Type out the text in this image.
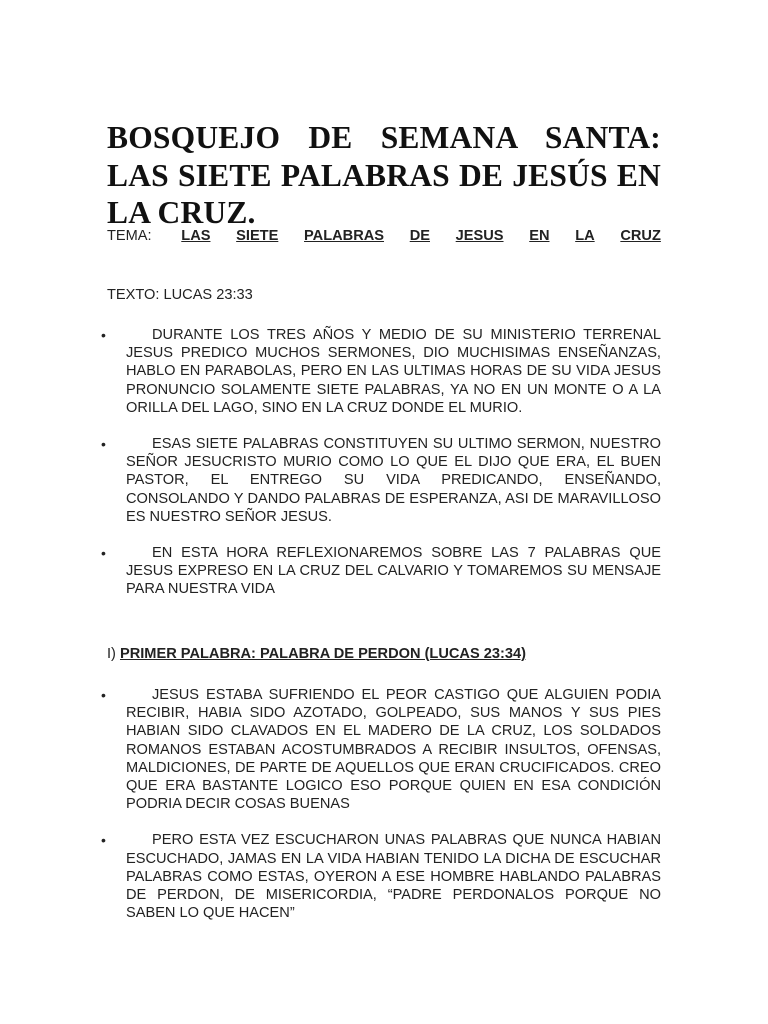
BOSQUEJO DE SEMANA SANTA: LAS SIETE PALABRAS DE JESÚS EN LA CRUZ.
TEMA: LAS SIETE PALABRAS DE JESUS EN LA CRUZ
TEXTO: LUCAS 23:33
•	DURANTE LOS TRES AÑOS Y MEDIO DE SU MINISTERIO TERRENAL JESUS PREDICO MUCHOS SERMONES, DIO MUCHISIMAS ENSEÑANZAS, HABLO EN PARABOLAS, PERO EN LAS ULTIMAS HORAS DE SU VIDA JESUS PRONUNCIO SOLAMENTE SIETE PALABRAS, YA NO EN UN MONTE O A LA ORILLA DEL LAGO, SINO EN LA CRUZ DONDE EL MURIO.
•	ESAS SIETE PALABRAS CONSTITUYEN SU ULTIMO SERMON, NUESTRO SEÑOR JESUCRISTO MURIO COMO LO QUE EL DIJO QUE ERA, EL BUEN PASTOR, EL ENTREGO SU VIDA PREDICANDO, ENSEÑANDO, CONSOLANDO Y DANDO PALABRAS DE ESPERANZA, ASI DE MARAVILLOSO ES NUESTRO SEÑOR JESUS.
•	EN ESTA HORA REFLEXIONAREMOS SOBRE LAS 7 PALABRAS QUE JESUS EXPRESO EN LA CRUZ DEL CALVARIO Y TOMAREMOS SU MENSAJE PARA NUESTRA VIDA
I) PRIMER PALABRA: PALABRA DE PERDON (LUCAS 23:34)
•	JESUS ESTABA SUFRIENDO EL PEOR CASTIGO QUE ALGUIEN PODIA RECIBIR, HABIA SIDO AZOTADO, GOLPEADO, SUS MANOS Y SUS PIES HABIAN SIDO CLAVADOS EN EL MADERO DE LA CRUZ, LOS SOLDADOS ROMANOS ESTABAN ACOSTUMBRADOS A RECIBIR INSULTOS, OFENSAS, MALDICIONES, DE PARTE DE AQUELLOS QUE ERAN CRUCIFICADOS. CREO QUE ERA BASTANTE LOGICO ESO PORQUE QUIEN EN ESA CONDICIÓN PODRIA DECIR COSAS BUENAS
•	PERO ESTA VEZ ESCUCHARON UNAS PALABRAS QUE NUNCA HABIAN ESCUCHADO, JAMAS EN LA VIDA HABIAN TENIDO LA DICHA DE ESCUCHAR PALABRAS COMO ESTAS, OYERON A ESE HOMBRE HABLANDO PALABRAS DE PERDON, DE MISERICORDIA, “PADRE PERDONALOS PORQUE NO SABEN LO QUE HACEN”
